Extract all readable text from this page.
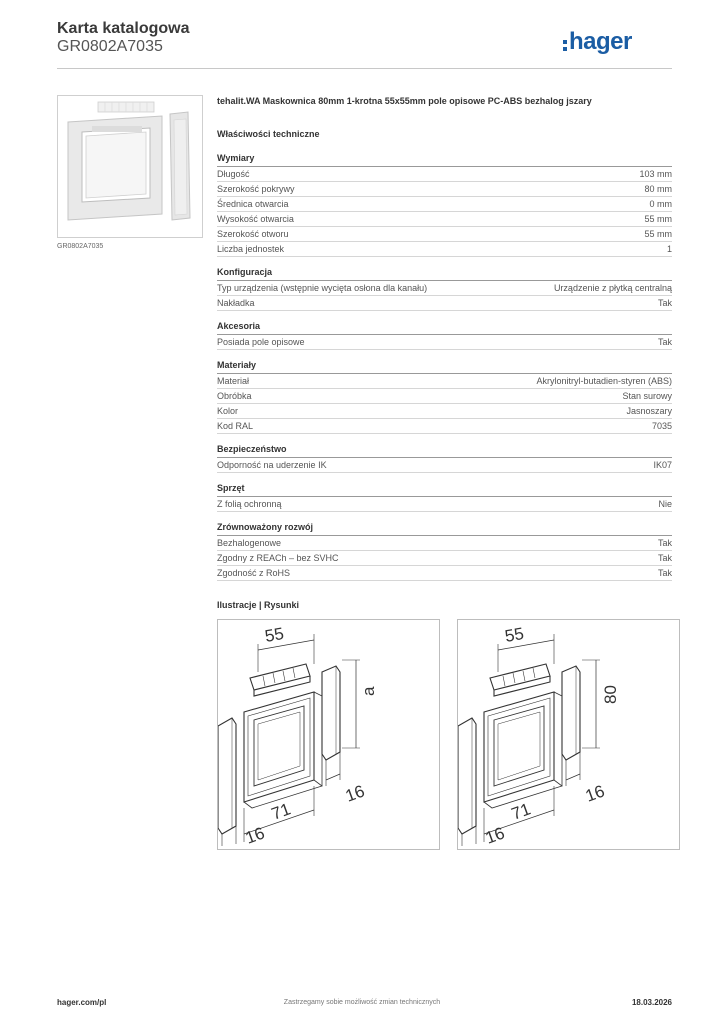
Karta katalogowa
GR0802A7035	hager
GR0802A7035
tehalit.WA Maskownica 80mm 1-krotna 55x55mm pole opisowe PC-ABS bezhalog jszary
Właściwości techniczne
Wymiary
Długość	103 mm
Szerokość pokrywy	80 mm
Średnica otwarcia	0 mm
Wysokość otwarcia	55 mm
Szerokość otworu	55 mm
Liczba jednostek	1
Konfiguracja
Typ urządzenia (wstępnie wycięta osłona dla kanału)	Urządzenie z płytką centralną
Nakładka	Tak
Akcesoria
Posiada pole opisowe	Tak
Materiały
Materiał	Akrylonitryl-butadien-styren (ABS)
Obróbka	Stan surowy
Kolor	Jasnoszary
Kod RAL	7035
Bezpieczeństwo
Odporność na uderzenie IK	IK07
Sprzęt
Z folią ochronną	Nie
Zrównoważony rozwój
Bezhalogenowe	Tak
Zgodny z REACh – bez SVHC	Tak
Zgodność z RoHS	Tak
Ilustracje | Rysunki
55
a
16
71
16
55
80
16
71
16
hager.com/pl	Zastrzegamy sobie możliwość zmian technicznych	18.03.2026
